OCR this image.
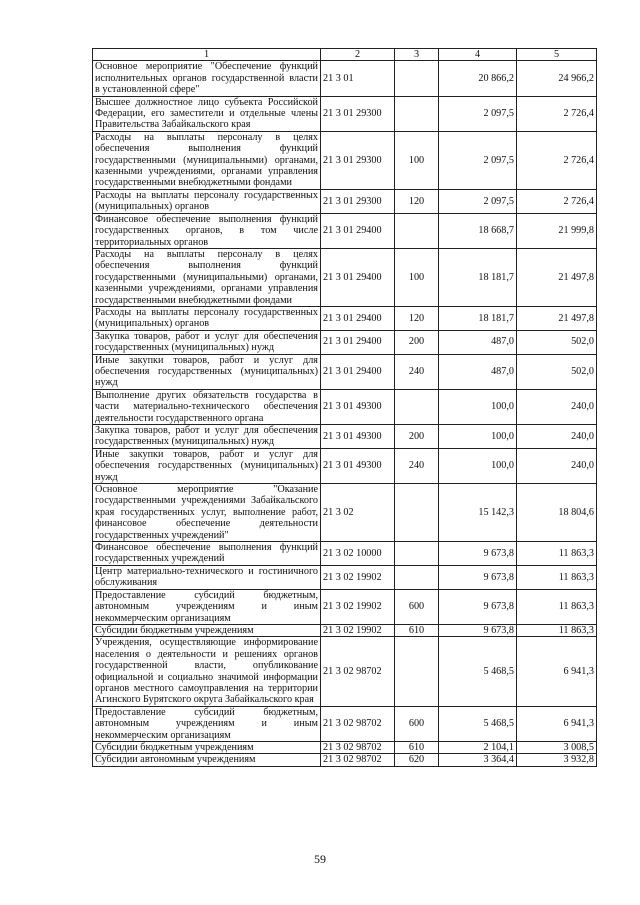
1	2	3	4	5
Основное мероприятие "Обеспечение функций исполнительных органов государственной власти в установленной сфере"	21 3 01		20 866,2	24 966,2
Высшее должностное лицо субъекта Российской Федерации, его заместители и отдельные члены Правительства Забайкальского края	21 3 01 29300		2 097,5	2 726,4
Расходы на выплаты персоналу в целях обеспечения выполнения функций государственными (муниципальными) органами, казенными учреждениями, органами управления государственными внебюджетными фондами	21 3 01 29300	100	2 097,5	2 726,4
Расходы на выплаты персоналу государственных (муниципальных) органов	21 3 01 29300	120	2 097,5	2 726,4
Финансовое обеспечение выполнения функций государственных органов, в том числе территориальных органов	21 3 01 29400		18 668,7	21 999,8
Расходы на выплаты персоналу в целях обеспечения выполнения функций государственными (муниципальными) органами, казенными учреждениями, органами управления государственными внебюджетными фондами	21 3 01 29400	100	18 181,7	21 497,8
Расходы на выплаты персоналу государственных (муниципальных) органов	21 3 01 29400	120	18 181,7	21 497,8
Закупка товаров, работ и услуг для обеспечения государственных (муниципальных) нужд	21 3 01 29400	200	487,0	502,0
Иные закупки товаров, работ и услуг для обеспечения государственных (муниципальных) нужд	21 3 01 29400	240	487,0	502,0
Выполнение других обязательств государства в части материально-технического обеспечения деятельности государственного органа	21 3 01 49300		100,0	240,0
Закупка товаров, работ и услуг для обеспечения государственных (муниципальных) нужд	21 3 01 49300	200	100,0	240,0
Иные закупки товаров, работ и услуг для обеспечения государственных (муниципальных) нужд	21 3 01 49300	240	100,0	240,0
Основное мероприятие "Оказание государственными учреждениями Забайкальского края государственных услуг, выполнение работ, финансовое обеспечение деятельности государственных учреждений"	21 3 02		15 142,3	18 804,6
Финансовое обеспечение выполнения функций государственных учреждений	21 3 02 10000		9 673,8	11 863,3
Центр материально-технического и гостиничного обслуживания	21 3 02 19902		9 673,8	11 863,3
Предоставление субсидий бюджетным, автономным учреждениям и иным некоммерческим организациям	21 3 02 19902	600	9 673,8	11 863,3
Субсидии бюджетным учреждениям	21 3 02 19902	610	9 673,8	11 863,3
Учреждения, осуществляющие информирование населения о деятельности и решениях органов государственной власти, опубликование официальной и социально значимой информации органов местного самоуправления на территории Агинского Бурятского округа Забайкальского края	21 3 02 98702		5 468,5	6 941,3
Предоставление субсидий бюджетным, автономным учреждениям и иным некоммерческим организациям	21 3 02 98702	600	5 468,5	6 941,3
Субсидии бюджетным учреждениям	21 3 02 98702	610	2 104,1	3 008,5
Субсидии автономным учреждениям	21 3 02 98702	620	3 364,4	3 932,8
59
